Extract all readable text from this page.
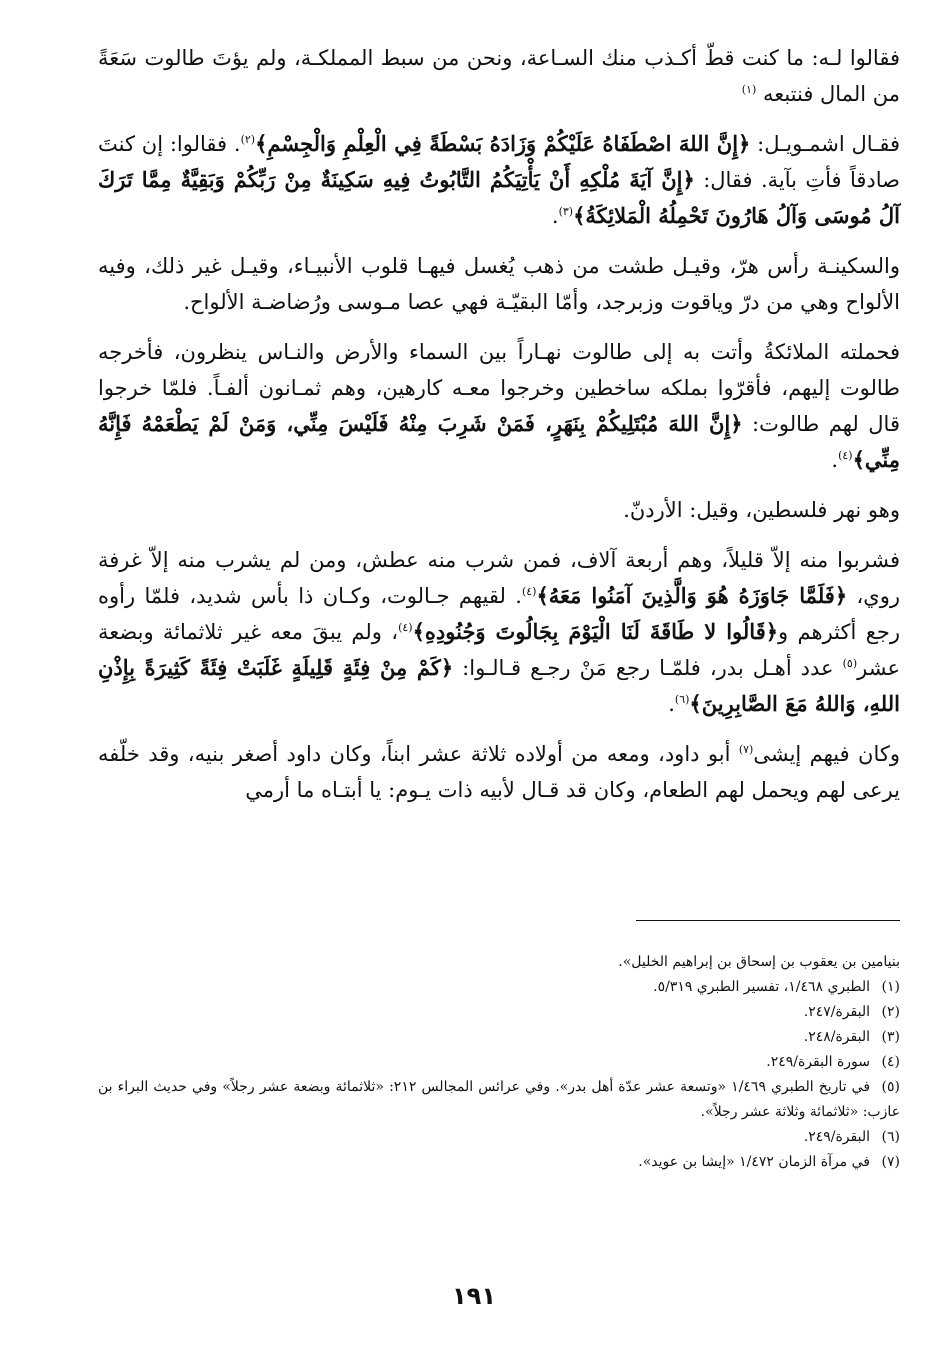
فقالوا لـه: ما كنت قطّ أكـذب منك السـاعة، ونحن من سبط المملكـة، ولم يؤتَ طالوت سَعَةً من المال فنتبعه $^{(١)}$

فقـال اشمـويـل: ﴿إِنَّ اللهَ اصْطَفَاهُ عَلَيْكُمْ وَزَادَهُ بَسْطَةً فِي الْعِلْمِ وَالْجِسْمِ﴾$^{(٢)}$. فقالوا: إن كنتَ صادقاً فأتِ بآية. فقال: ﴿إِنَّ آيَةَ مُلْكِهِ أَنْ يَأْتِيَكُمُ التَّابُوتُ فِيهِ سَكِينَةٌ مِنْ رَبِّكُمْ وَبَقِيَّةٌ مِمَّا تَرَكَ آلُ مُوسَى وَآلُ هَارُونَ تَحْمِلُهُ الْمَلائِكَةُ﴾$^{(٣)}$.

والسكينـة رأس هرّ، وقيـل طشت من ذهب يُغسل فيهـا قلوب الأنبيـاء، وقيـل غير ذلك، وفيه الألواح وهي من درّ وياقوت وزبرجد، وأمّا البقيّـة فهي عصا مـوسى ورُضاضـة الألواح.

فحملته الملائكةُ وأتت به إلى طالوت نهـاراً بين السماء والأرض والنـاس ينظرون، فأخرجه طالوت إليهم، فأقرّوا بملكه ساخطين وخرجوا معـه كارهين، وهم ثمـانون ألفـاً. فلمّا خرجوا قال لهم طالوت: ﴿إِنَّ اللهَ مُبْتَلِيكُمْ بِنَهَرٍ، فَمَنْ شَرِبَ مِنْهُ فَلَيْسَ مِنِّي، وَمَنْ لَمْ يَطْعَمْهُ فَإِنَّهُ مِنِّي﴾$^{(٤)}$.

وهو نهر فلسطين، وقيل: الأردنّ.

فشربوا منه إلاّ قليلاً، وهم أربعة آلاف، فمن شرب منه عطش، ومن لم يشرب منه إلاّ غرفة روي، ﴿فَلَمَّا جَاوَزَهُ هُوَ وَالَّذِينَ آمَنُوا مَعَهُ﴾$^{(٤)}$. لقيهم جـالوت، وكـان ذا بأس شديد، فلمّا رأوه رجع أكثرهم و﴿قَالُوا لا طَاقَةَ لَنَا الْيَوْمَ بِجَالُوتَ وَجُنُودِهِ﴾$^{(٤)}$، ولم يبقَ معه غير ثلاثمائة وبضعة عشر$^{(٥)}$ عدد أهـل بدر، فلمّـا رجع مَنْ رجـع قـالـوا: ﴿كَمْ مِنْ فِئَةٍ قَلِيلَةٍ غَلَبَتْ فِئَةً كَثِيرَةً بِإِذْنِ اللهِ، وَاللهُ مَعَ الصَّابِرِينَ﴾$^{(٦)}$.

وكان فيهم إيشى$^{(٧)}$ أبو داود، ومعه من أولاده ثلاثة عشر ابناً، وكان داود أصغر بنيه، وقد خلّفه يرعى لهم ويحمل لهم الطعام، وكان قد قـال لأبيه ذات يـوم: يا أبتـاه ما أرمي

بنيامين بن يعقوب بن إسحاق بن إبراهيم الخليل».

(١)الطبري ١/٤٦٨، تفسير الطبري ٥/٣١٩.

(٢)البقرة/٢٤٧.

(٣)البقرة/٢٤٨.

(٤)سورة البقرة/٢٤٩.

(٥)في تاريخ الطبري ١/٤٦٩ «وتسعة عشر عدّة أهل بدر». وفي عرائس المجالس ٢١٢: «ثلاثمائة وبضعة عشر رجلاً» وفي حديث البراء بن عازب: «ثلاثمائة وثلاثة عشر رجلاً».

(٦)البقرة/٢٤٩.

(٧)في مرآة الزمان ١/٤٧٢ «إيشا بن عويد».

١٩١
